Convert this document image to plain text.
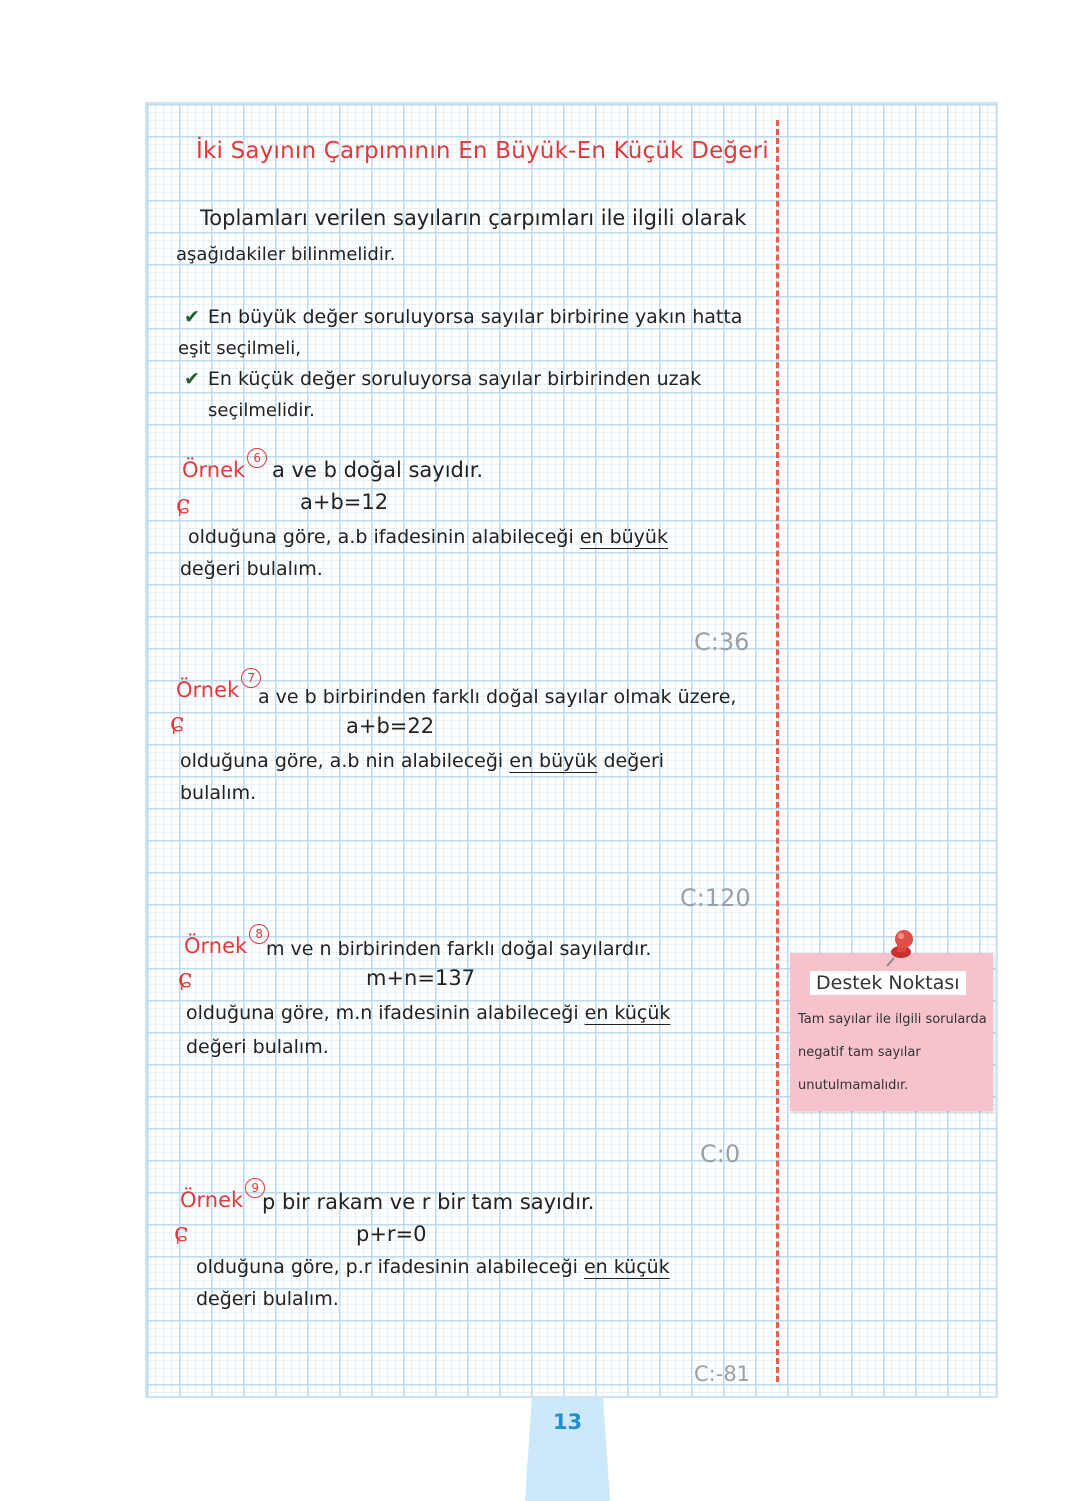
İki Sayının Çarpımının En Büyük-En Küçük Değeri
Toplamları verilen sayıların çarpımları ile ilgili olarak
aşağıdakiler bilinmelidir.
✔ En büyük değer soruluyorsa sayılar birbirine yakın hatta
eşit seçilmeli,
✔ En küçük değer soruluyorsa sayılar birbirinden uzak
seçilmelidir.
Örnek 6
ɕ
a ve b doğal sayıdır.
a+b=12
olduğuna göre, a.b ifadesinin alabileceği en büyük
değeri bulalım.
C:36
Örnek 7
ɕ
a ve b birbirinden farklı doğal sayılar olmak üzere,
a+b=22
olduğuna göre, a.b nin alabileceği en büyük değeri
bulalım.
C:120
Örnek 8
ɕ
m ve n birbirinden farklı doğal sayılardır.
m+n=137
olduğuna göre, m.n ifadesinin alabileceği en küçük
değeri bulalım.
C:0
Örnek 9
ɕ
p bir rakam ve r bir tam sayıdır.
p+r=0
olduğuna göre, p.r ifadesinin alabileceği en küçük
değeri bulalım.
C:-81
Destek Noktası
Tam sayılar ile ilgili sorularda negatif tam sayılar unutulmamalıdır.
13
